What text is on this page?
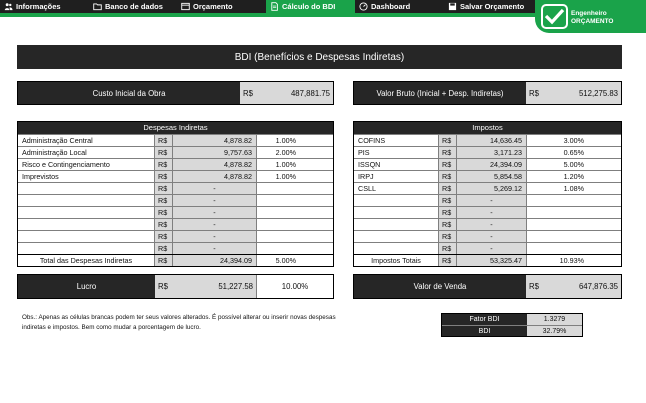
Informações	Banco de dados	Orçamento	Cálculo do BDI	Dashboard	Salvar Orçamento
Engenheiro
ORÇAMENTO
BDI (Benefícios e Despesas Indiretas)
Custo Inicial da Obra	R$	487,881.75	Valor Bruto (Inicial + Desp. Indiretas)	R$	512,275.83
Despesas Indiretas
Administração Central	R$	4,878.82	1.00%
Administração Local	R$	9,757.63	2.00%
Risco e Contingenciamento	R$	4,878.82	1.00%
Imprevistos	R$	4,878.82	1.00%
R$	-
R$	-
R$	-
R$	-
R$	-
R$	-
Total das Despesas Indiretas	R$	24,394.09	5.00%
Impostos
COFINS	R$	14,636.45	3.00%
PIS	R$	3,171.23	0.65%
ISSQN	R$	24,394.09	5.00%
IRPJ	R$	5,854.58	1.20%
CSLL	R$	5,269.12	1.08%
R$	-
R$	-
R$	-
R$	-
R$	-
Impostos Totais	R$	53,325.47	10.93%
Lucro	R$	51,227.58	10.00%	Valor de Venda	R$	647,876.35
Obs.: Apenas as células brancas podem ter seus valores alterados. É possível alterar ou inserir novas despesas indiretas e impostos. Bem como mudar a porcentagem de lucro.
Fator BDI	1.3279
BDI	32.79%
